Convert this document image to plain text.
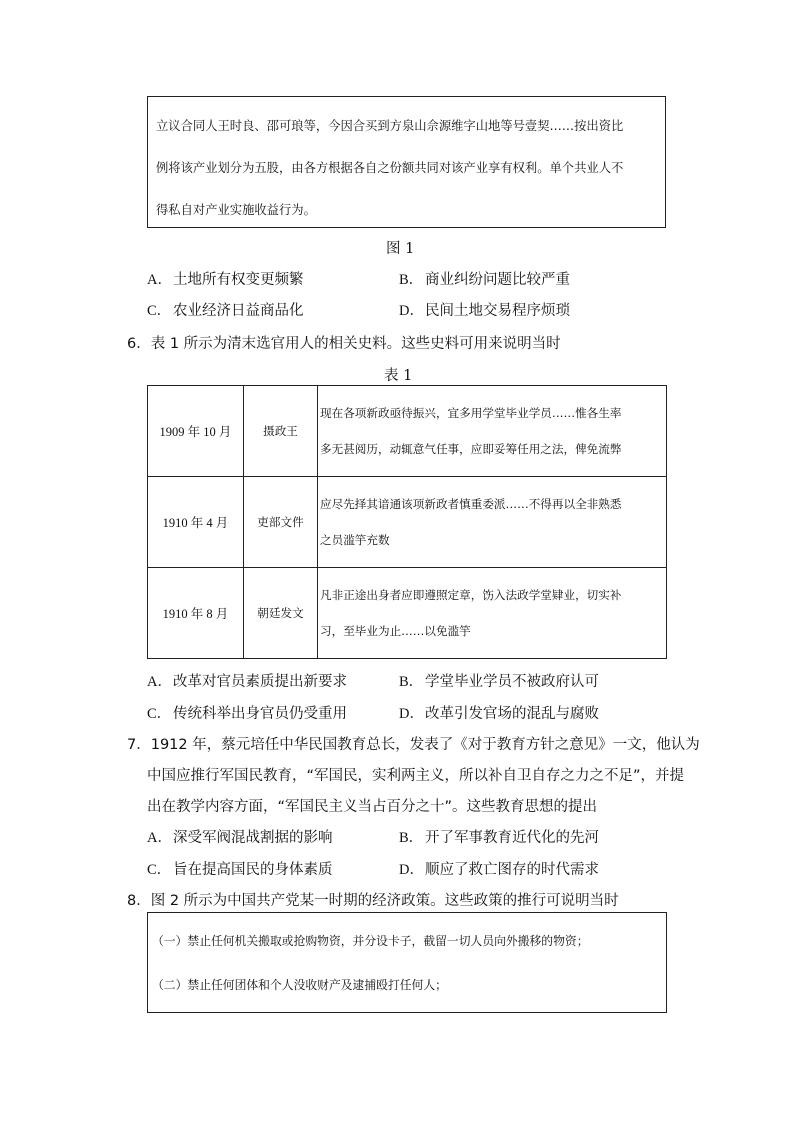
立议合同人王时良、邵可琅等，今因合买到方泉山佘源维字山地等号壹契……按出资比
例将该产业划分为五股，由各方根据各自之份额共同对该产业享有权利。单个共业人不
得私自对产业实施收益行为。
图 1
A．土地所有权变更频繁	B． 商业纠纷问题比较严重
C． 农业经济日益商品化	D．民间土地交易程序烦琐
6．表 1 所示为清末选官用人的相关史料。这些史料可用来说明当时
表 1
1909 年 10 月	摄政王	现在各项新政亟待振兴，宜多用学堂毕业学员……惟各生率
多无甚阅历，动辄意气任事，应即妥筹任用之法，俾免流弊

1910 年 4 月	吏部文件	应尽先择其谙通该项新政者慎重委派……不得再以全非熟悉
之员滥竽充数

1910 年 8 月	朝廷发文	凡非正途出身者应即遵照定章，饬入法政学堂肄业，切实补
习，至毕业为止……以免滥竽
A．改革对官员素质提出新要求	B． 学堂毕业学员不被政府认可
C． 传统科举出身官员仍受重用	D．改革引发官场的混乱与腐败
7．1912 年，蔡元培任中华民国教育总长，发表了《对于教育方针之意见》一文，他认为
中国应推行军国民教育，“军国民，实利两主义，所以补自卫自存之力之不足”，并提
出在教学内容方面，“军国民主义当占百分之十”。这些教育思想的提出
A．深受军阀混战割据的影响	B． 开了军事教育近代化的先河
C． 旨在提高国民的身体素质	D．顺应了救亡图存的时代需求
8．图 2 所示为中国共产党某一时期的经济政策。这些政策的推行可说明当时
（一）禁止任何机关搬取或抢购物资，并分设卡子，截留一切人员向外搬移的物资；
（二）禁止任何团体和个人没收财产及逮捕殴打任何人；
